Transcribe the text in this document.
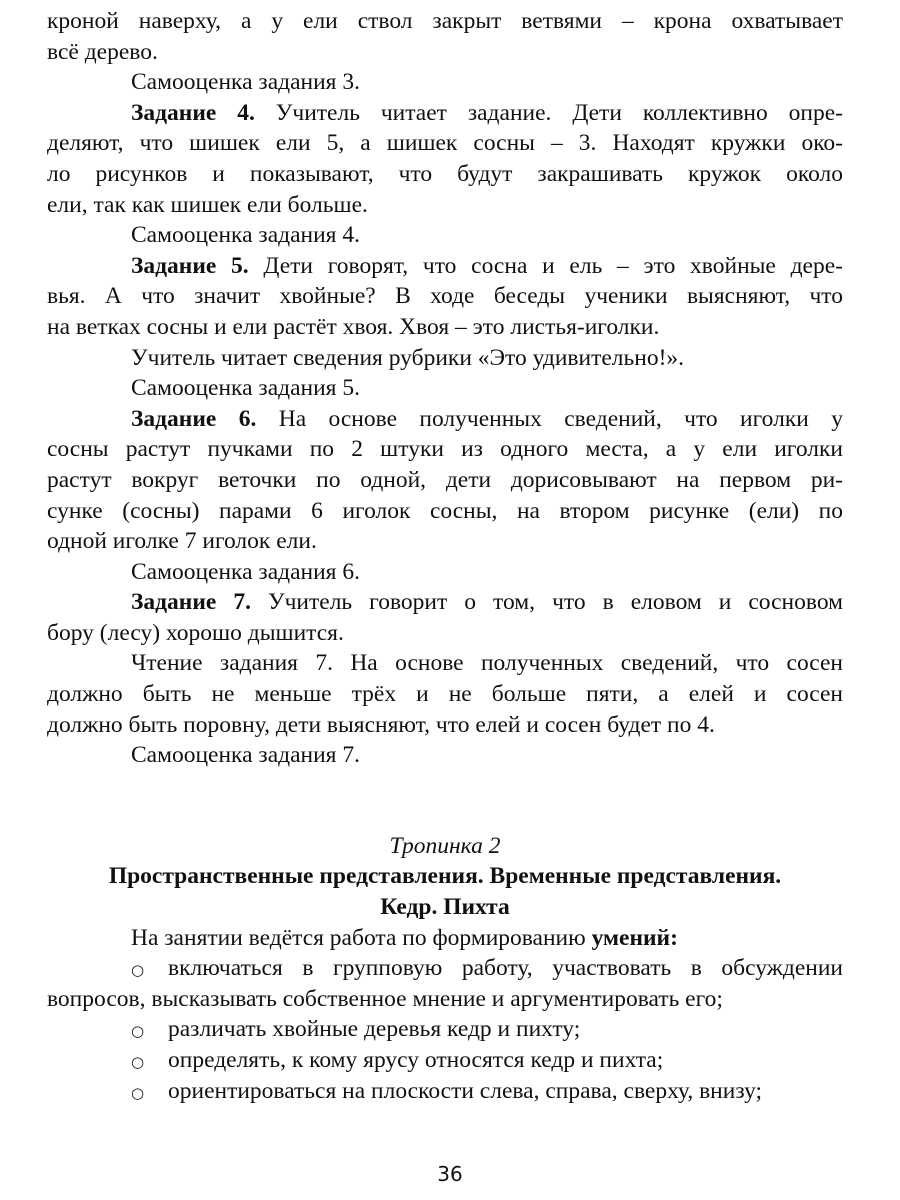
кроной наверху, а у ели ствол закрыт ветвями – крона охватывает
всё дерево.
Самооценка задания 3.
Задание 4. Учитель читает задание. Дети коллективно опре-
деляют, что шишек ели 5, а шишек сосны – 3. Находят кружки око-
ло рисунков и показывают, что будут закрашивать кружок около
ели, так как шишек ели больше.
Самооценка задания 4.
Задание 5. Дети говорят, что сосна и ель – это хвойные дере-
вья. А что значит хвойные? В ходе беседы ученики выясняют, что
на ветках сосны и ели растёт хвоя. Хвоя – это листья-иголки.
Учитель читает сведения рубрики «Это удивительно!».
Самооценка задания 5.
Задание 6. На основе полученных сведений, что иголки у
сосны растут пучками по 2 штуки из одного места, а у ели иголки
растут вокруг веточки по одной, дети дорисовывают на первом ри-
сунке (сосны) парами 6 иголок сосны, на втором рисунке (ели) по
одной иголке 7 иголок ели.
Самооценка задания 6.
Задание 7. Учитель говорит о том, что в еловом и сосновом
бору (лесу) хорошо дышится.
Чтение задания 7. На основе полученных сведений, что сосен
должно быть не меньше трёх и не больше пяти, а елей и сосен
должно быть поровну, дети выясняют, что елей и сосен будет по 4.
Самооценка задания 7.
Тропинка 2
Пространственные представления. Временные представления.
Кедр. Пихта
На занятии ведётся работа по формированию умений:
○ включаться в групповую работу, участвовать в обсуждении
вопросов, высказывать собственное мнение и аргументировать его;
○ различать хвойные деревья кедр и пихту;
○ определять, к кому ярусу относятся кедр и пихта;
○ ориентироваться на плоскости слева, справа, сверху, внизу;
36
